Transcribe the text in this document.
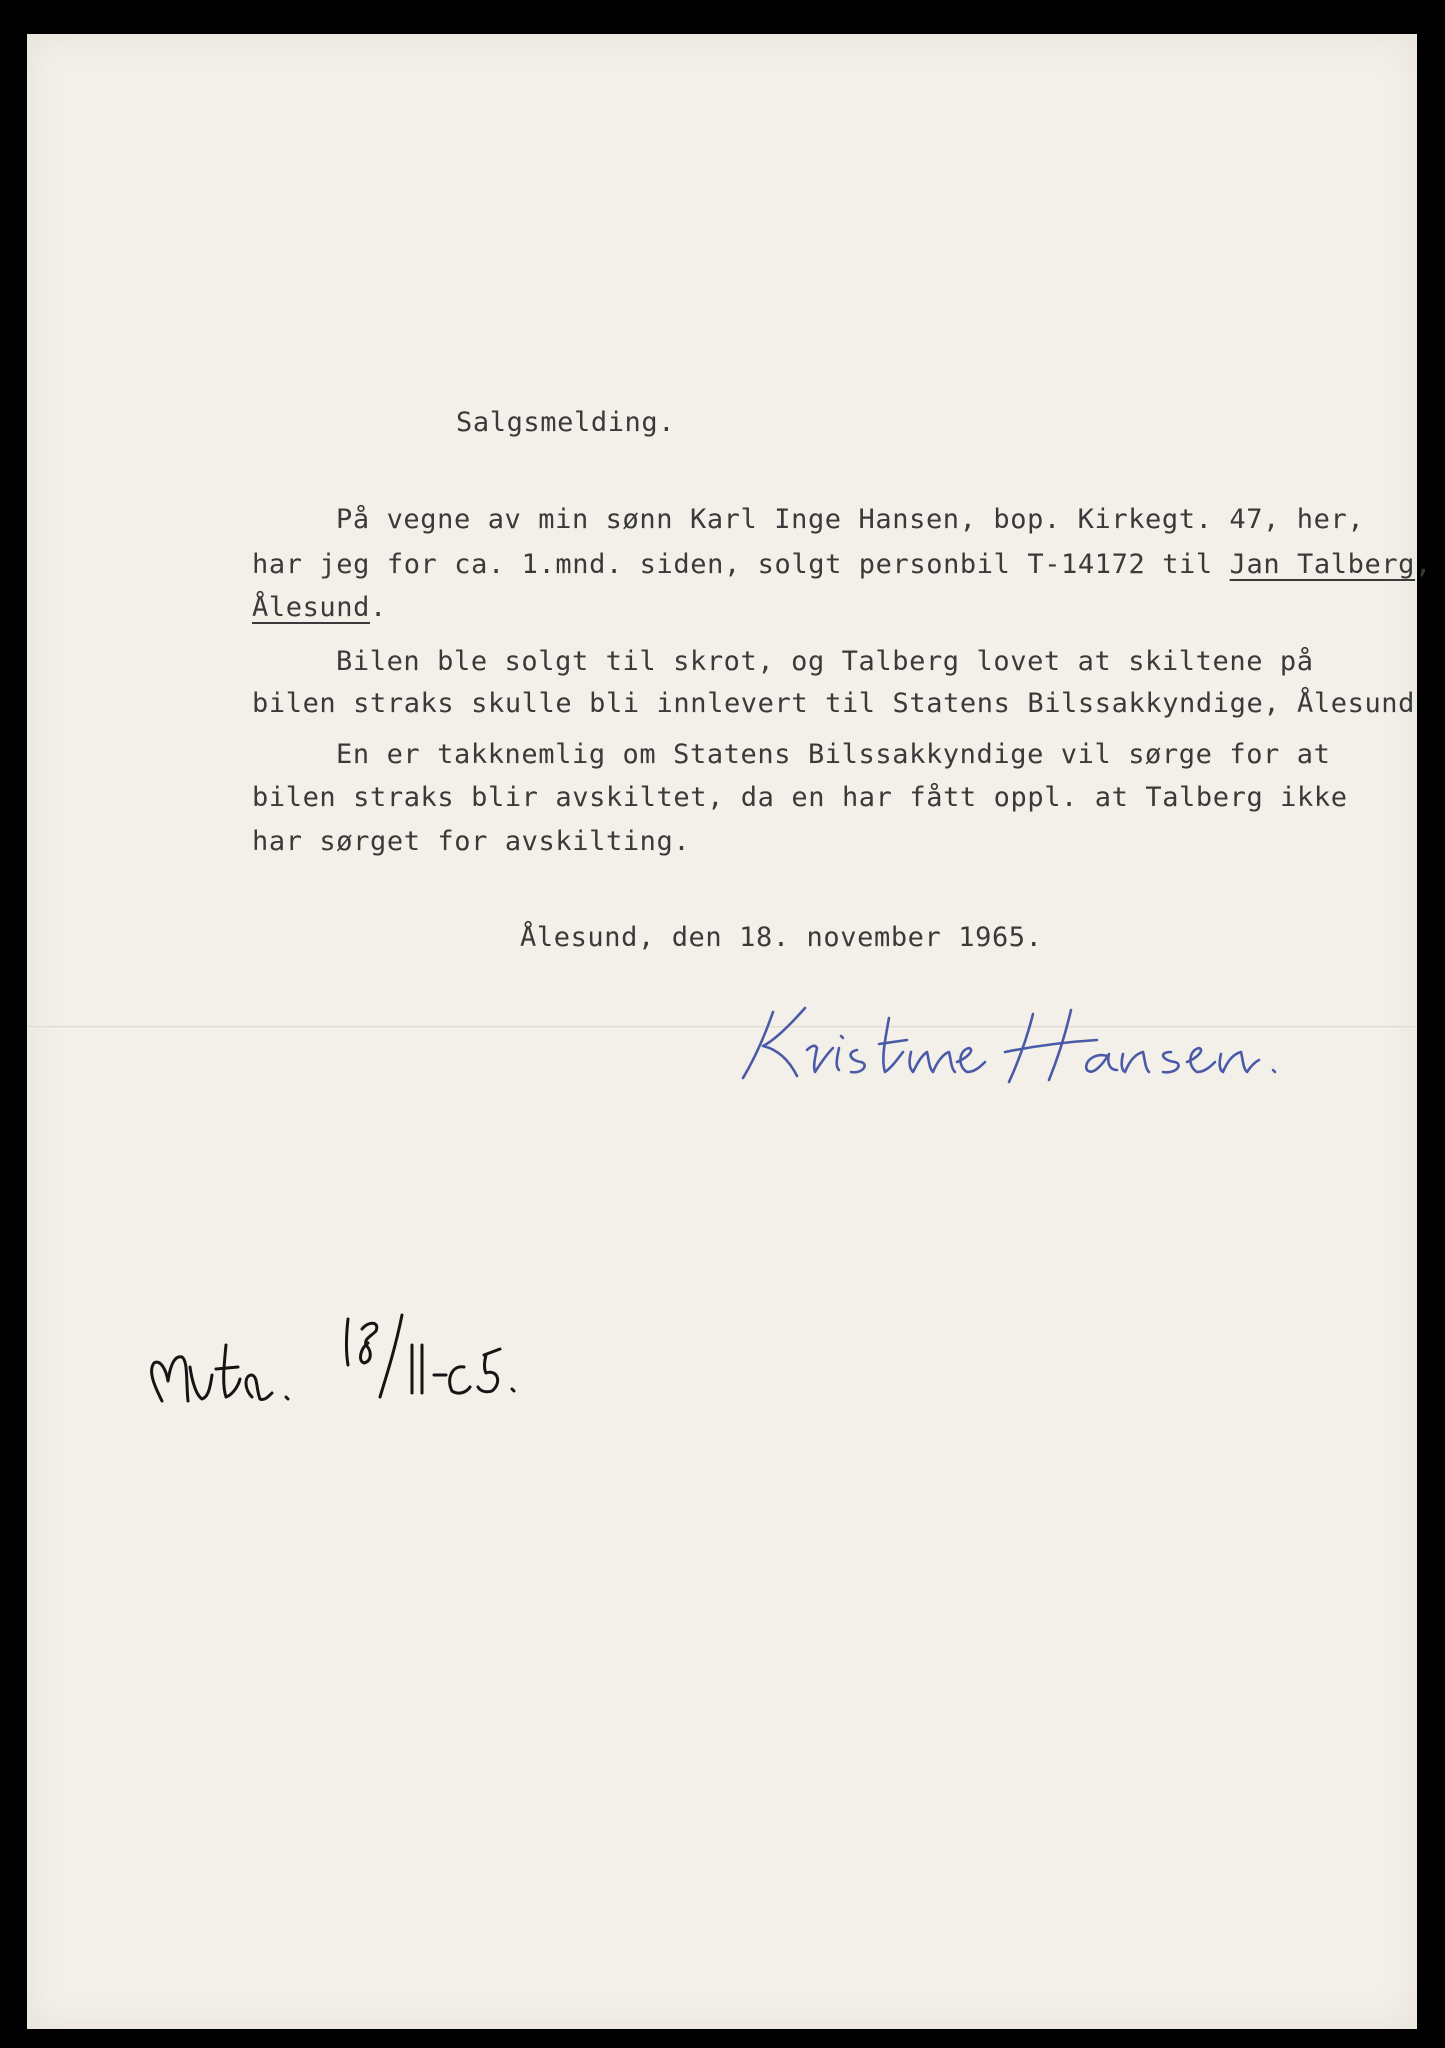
Salgsmelding.
På vegne av min sønn Karl Inge Hansen, bop. Kirkegt. 47, her,
har jeg for ca. 1.mnd. siden, solgt personbil T-14172 til Jan Talberg,
Ålesund.
Bilen ble solgt til skrot, og Talberg lovet at skiltene på
bilen straks skulle bli innlevert til Statens Bilssakkyndige, Ålesund
En er takknemlig om Statens Bilssakkyndige vil sørge for at
bilen straks blir avskiltet, da en har fått oppl. at Talberg ikke
har sørget for avskilting.
Ålesund, den 18. november 1965.
